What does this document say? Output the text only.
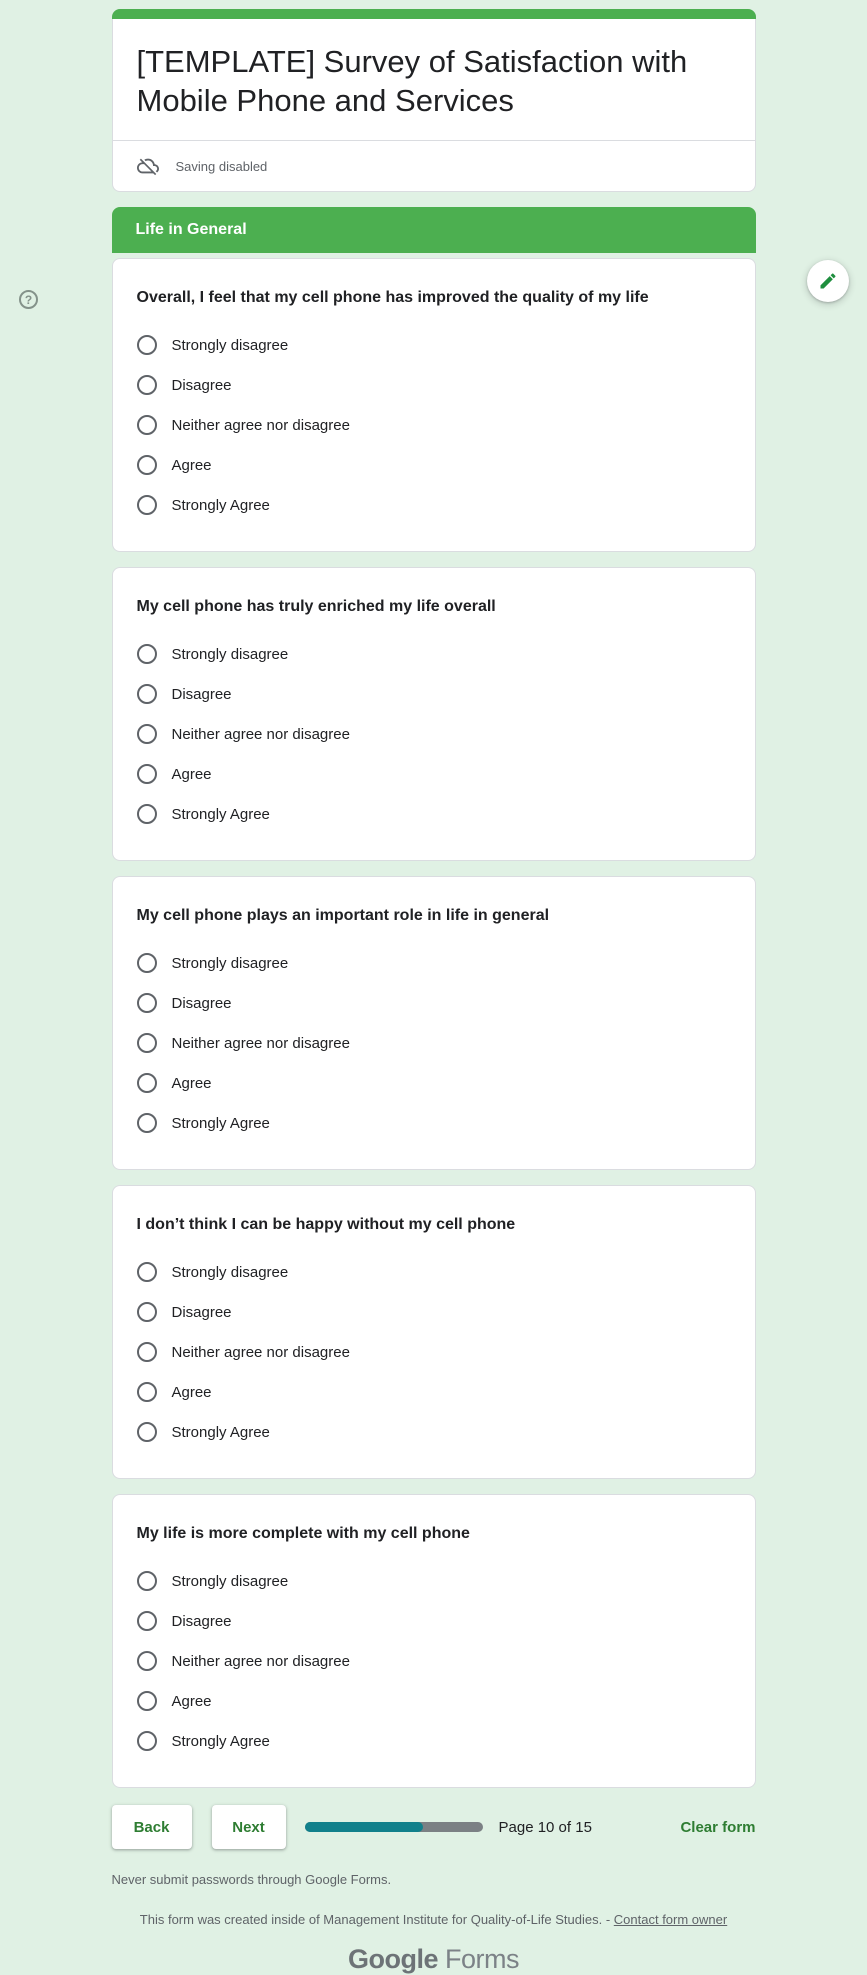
[TEMPLATE] Survey of Satisfaction with Mobile Phone and Services
Saving disabled
Life in General
Overall, I feel that my cell phone has improved the quality of my life
Strongly disagree
Disagree
Neither agree nor disagree
Agree
Strongly Agree
My cell phone has truly enriched my life overall
Strongly disagree
Disagree
Neither agree nor disagree
Agree
Strongly Agree
My cell phone plays an important role in life in general
Strongly disagree
Disagree
Neither agree nor disagree
Agree
Strongly Agree
I don’t think I can be happy without my cell phone
Strongly disagree
Disagree
Neither agree nor disagree
Agree
Strongly Agree
My life is more complete with my cell phone
Strongly disagree
Disagree
Neither agree nor disagree
Agree
Strongly Agree
Back	Next	Page 10 of 15	Clear form
Never submit passwords through Google Forms.
This form was created inside of Management Institute for Quality-of-Life Studies. - Contact form owner
Google Forms
?
